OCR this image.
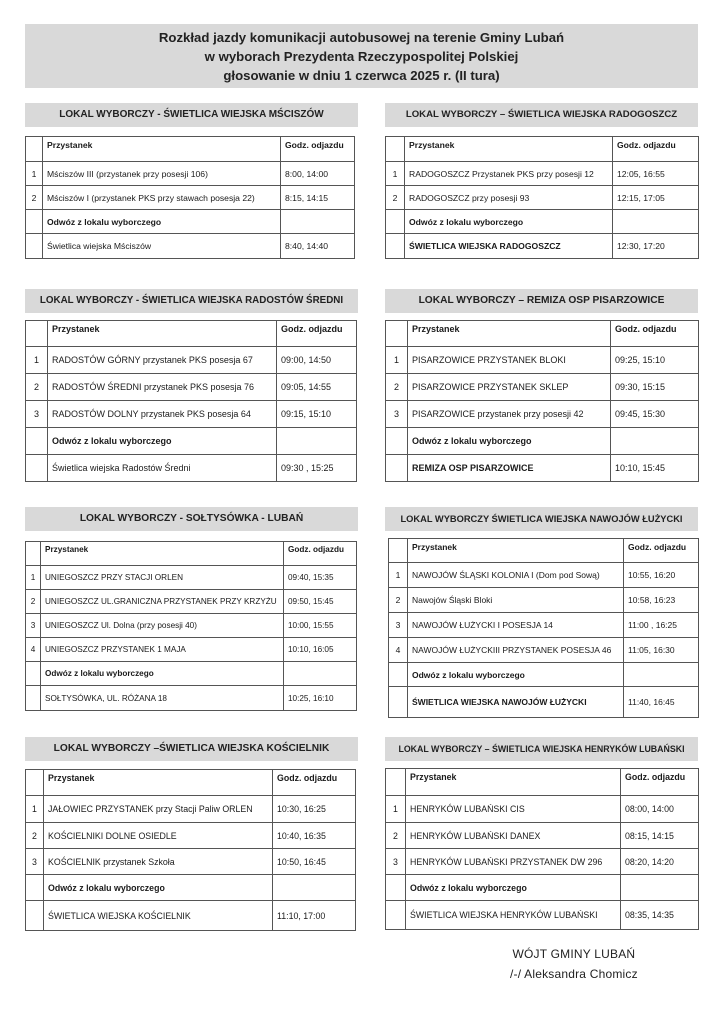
Rozkład jazdy komunikacji autobusowej na terenie Gminy Lubań
w wyborach Prezydenta Rzeczypospolitej Polskiej
głosowanie w dniu 1 czerwca 2025 r. (II tura)
LOKAL WYBORCZY - ŚWIETLICA WIEJSKA MŚCISZÓW
	Przystanek	Godz. odjazdu
1	Mściszów III (przystanek przy posesji 106)	8:00, 14:00
2	Mściszów I (przystanek PKS przy stawach posesja 22)	8:15, 14:15
	Odwóz z lokalu wyborczego	
	Świetlica wiejska Mściszów	8:40, 14:40
LOKAL WYBORCZY – ŚWIETLICA WIEJSKA RADOGOSZCZ
	Przystanek	Godz. odjazdu
1	RADOGOSZCZ Przystanek PKS przy posesji 12	12:05, 16:55
2	RADOGOSZCZ przy posesji 93	12:15, 17:05
	Odwóz z lokalu wyborczego	
	ŚWIETLICA WIEJSKA RADOGOSZCZ	12:30, 17:20
LOKAL WYBORCZY - ŚWIETLICA WIEJSKA RADOSTÓW ŚREDNI
	Przystanek	Godz. odjazdu
1	RADOSTÓW GÓRNY przystanek PKS posesja 67	09:00, 14:50
2	RADOSTÓW ŚREDNI przystanek PKS posesja 76	09:05, 14:55
3	RADOSTÓW DOLNY przystanek PKS posesja 64	09:15, 15:10
	Odwóz z lokalu wyborczego	
	Świetlica wiejska Radostów Średni	09:30 , 15:25
LOKAL WYBORCZY – REMIZA OSP PISARZOWICE
	Przystanek	Godz. odjazdu
1	PISARZOWICE PRZYSTANEK BLOKI	09:25, 15:10
2	PISARZOWICE PRZYSTANEK SKLEP	09:30, 15:15
3	PISARZOWICE przystanek przy posesji 42	09:45, 15:30
	Odwóz z lokalu wyborczego	
	REMIZA OSP PISARZOWICE	10:10, 15:45
LOKAL WYBORCZY - SOŁTYSÓWKA - LUBAŃ
	Przystanek	Godz. odjazdu
1	UNIEGOSZCZ PRZY STACJI ORLEN	09:40, 15:35
2	UNIEGOSZCZ UL.GRANICZNA PRZYSTANEK PRZY KRZYŻU	09:50, 15:45
3	UNIEGOSZCZ Ul. Dolna (przy posesji 40)	10:00, 15:55
4	UNIEGOSZCZ PRZYSTANEK 1 MAJA	10:10, 16:05
	Odwóz z lokalu wyborczego	
	SOŁTYSÓWKA, UL. RÓŻANA 18	10:25, 16:10
LOKAL WYBORCZY ŚWIETLICA WIEJSKA NAWOJÓW ŁUŻYCKI
	Przystanek	Godz. odjazdu
1	NAWOJÓW ŚLĄSKI KOLONIA I (Dom pod Sową)	10:55, 16:20
2	Nawojów Śląski Bloki	10:58, 16:23
3	NAWOJÓW ŁUŻYCKI I POSESJA 14	11:00 , 16:25
4	NAWOJÓW ŁUŻYCKIII PRZYSTANEK POSESJA 46	11:05, 16:30
	Odwóz z lokalu wyborczego	
	ŚWIETLICA WIEJSKA NAWOJÓW ŁUŻYCKI	11:40, 16:45
LOKAL WYBORCZY –ŚWIETLICA WIEJSKA KOŚCIELNIK
	Przystanek	Godz. odjazdu
1	JAŁOWIEC PRZYSTANEK przy Stacji Paliw ORLEN	10:30, 16:25
2	KOŚCIELNIKI DOLNE OSIEDLE	10:40, 16:35
3	KOŚCIELNIK przystanek Szkoła	10:50, 16:45
	Odwóz z lokalu wyborczego	
	ŚWIETLICA WIEJSKA KOŚCIELNIK	11:10, 17:00
LOKAL WYBORCZY – ŚWIETLICA WIEJSKA HENRYKÓW LUBAŃSKI
	Przystanek	Godz. odjazdu
1	HENRYKÓW LUBAŃSKI CIS	08:00, 14:00
2	HENRYKÓW LUBAŃSKI DANEX	08:15, 14:15
3	HENRYKÓW LUBAŃSKI PRZYSTANEK DW 296	08:20, 14:20
	Odwóz z lokalu wyborczego	
	ŚWIETLICA WIEJSKA HENRYKÓW LUBAŃSKI	08:35, 14:35
WÓJT GMINY LUBAŃ
/-/ Aleksandra Chomicz
